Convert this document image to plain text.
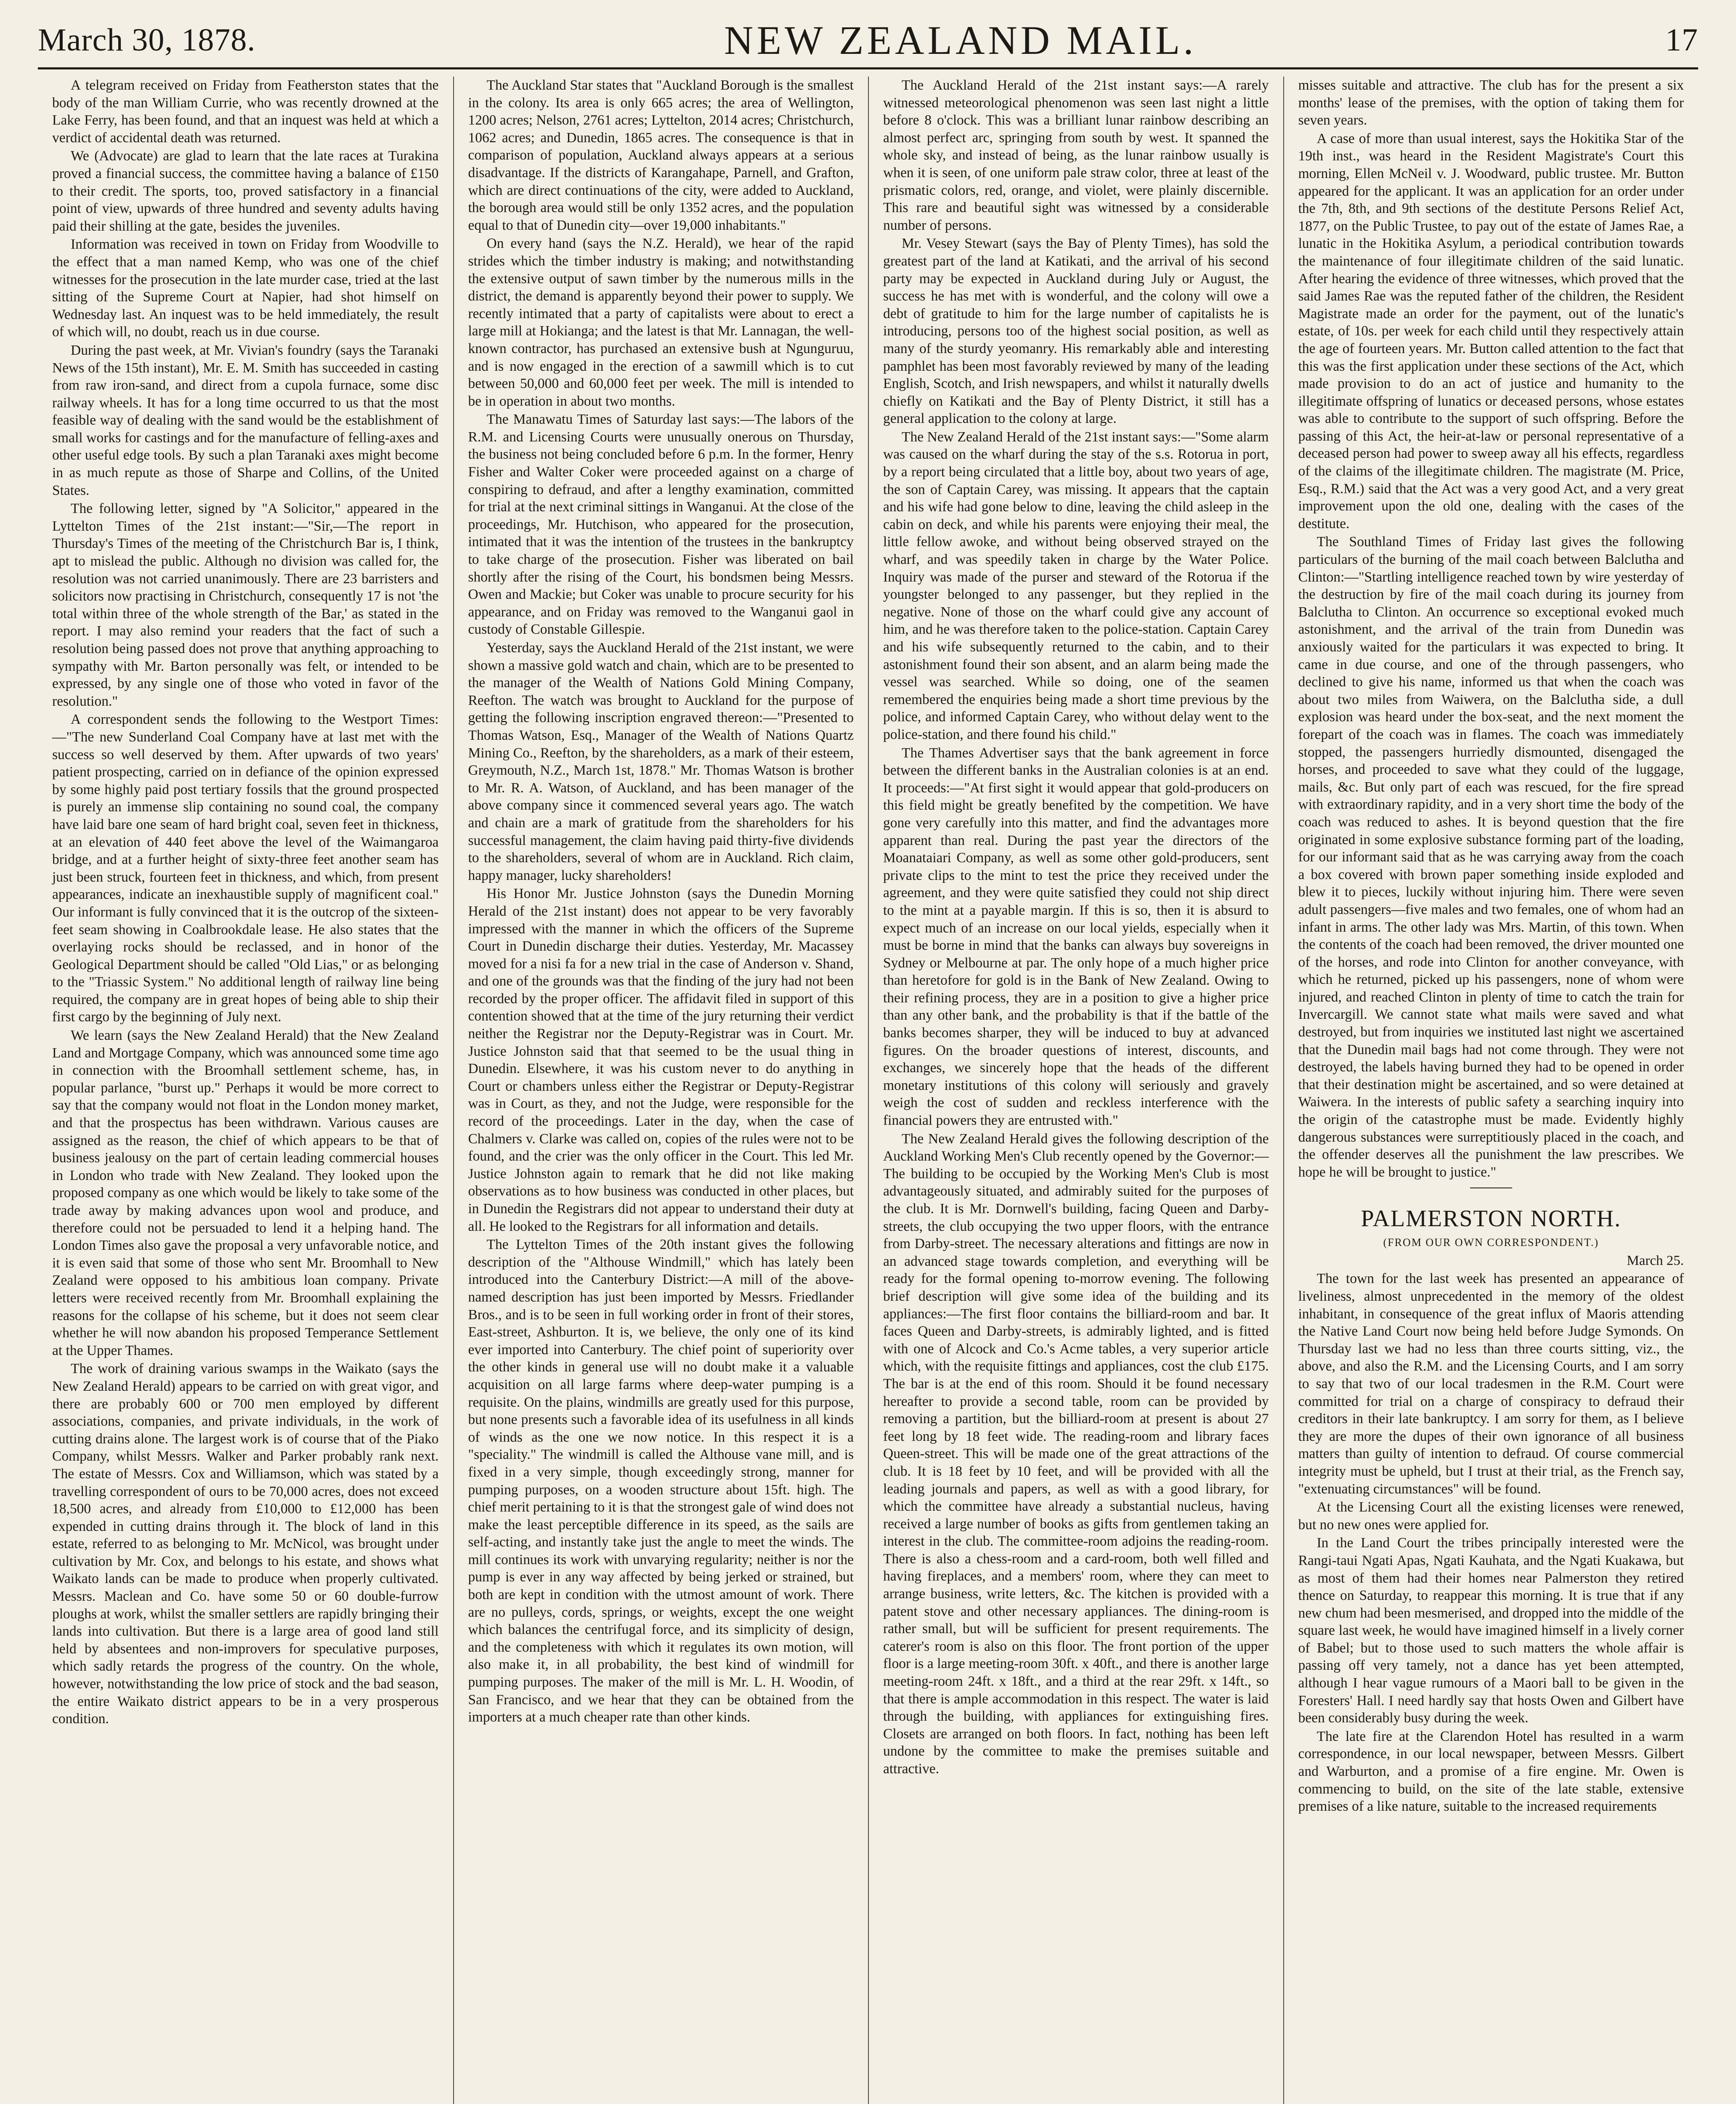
March 30, 1878.	NEW ZEALAND MAIL.	17

A telegram received on Friday from Featherston states that the body of the man William Currie, who was recently drowned at the Lake Ferry, has been found, and that an inquest was held at which a verdict of accidental death was returned.

We (Advocate) are glad to learn that the late races at Turakina proved a financial success, the committee having a balance of £150 to their credit. The sports, too, proved satisfactory in a financial point of view, upwards of three hundred and seventy adults having paid their shilling at the gate, besides the juveniles.

Information was received in town on Friday from Woodville to the effect that a man named Kemp, who was one of the chief witnesses for the prosecution in the late murder case, tried at the last sitting of the Supreme Court at Napier, had shot himself on Wednesday last. An inquest was to be held immediately, the result of which will, no doubt, reach us in due course.

During the past week, at Mr. Vivian's foundry (says the Taranaki News of the 15th instant), Mr. E. M. Smith has succeeded in casting from raw iron-sand, and direct from a cupola furnace, some disc railway wheels. It has for a long time occurred to us that the most feasible way of dealing with the sand would be the establishment of small works for castings and for the manufacture of felling-axes and other useful edge tools. By such a plan Taranaki axes might become in as much repute as those of Sharpe and Collins, of the United States.

The following letter, signed by "A Solicitor," appeared in the Lyttelton Times of the 21st instant:—"Sir,—The report in Thursday's Times of the meeting of the Christchurch Bar is, I think, apt to mislead the public. Although no division was called for, the resolution was not carried unanimously. There are 23 barristers and solicitors now practising in Christchurch, consequently 17 is not 'the total within three of the whole strength of the Bar,' as stated in the report. I may also remind your readers that the fact of such a resolution being passed does not prove that anything approaching to sympathy with Mr. Barton personally was felt, or intended to be expressed, by any single one of those who voted in favor of the resolution."

A correspondent sends the following to the Westport Times:—"The new Sunderland Coal Company have at last met with the success so well deserved by them. After upwards of two years' patient prospecting, carried on in defiance of the opinion expressed by some highly paid post tertiary fossils that the ground prospected is purely an immense slip containing no sound coal, the company have laid bare one seam of hard bright coal, seven feet in thickness, at an elevation of 440 feet above the level of the Waimangaroa bridge, and at a further height of sixty-three feet another seam has just been struck, fourteen feet in thickness, and which, from present appearances, indicate an inexhaustible supply of magnificent coal." Our informant is fully convinced that it is the outcrop of the sixteen-feet seam showing in Coalbrookdale lease. He also states that the overlaying rocks should be reclassed, and in honor of the Geological Department should be called "Old Lias," or as belonging to the "Triassic System." No additional length of railway line being required, the company are in great hopes of being able to ship their first cargo by the beginning of July next.

We learn (says the New Zealand Herald) that the New Zealand Land and Mortgage Company, which was announced some time ago in connection with the Broomhall settlement scheme, has, in popular parlance, "burst up." Perhaps it would be more correct to say that the company would not float in the London money market, and that the prospectus has been withdrawn. Various causes are assigned as the reason, the chief of which appears to be that of business jealousy on the part of certain leading commercial houses in London who trade with New Zealand. They looked upon the proposed company as one which would be likely to take some of the trade away by making advances upon wool and produce, and therefore could not be persuaded to lend it a helping hand. The London Times also gave the proposal a very unfavorable notice, and it is even said that some of those who sent Mr. Broomhall to New Zealand were opposed to his ambitious loan company. Private letters were received recently from Mr. Broomhall explaining the reasons for the collapse of his scheme, but it does not seem clear whether he will now abandon his proposed Temperance Settlement at the Upper Thames.

The work of draining various swamps in the Waikato (says the New Zealand Herald) appears to be carried on with great vigor, and there are probably 600 or 700 men employed by different associations, companies, and private individuals, in the work of cutting drains alone. The largest work is of course that of the Piako Company, whilst Messrs. Walker and Parker probably rank next. The estate of Messrs. Cox and Williamson, which was stated by a travelling correspondent of ours to be 70,000 acres, does not exceed 18,500 acres, and already from £10,000 to £12,000 has been expended in cutting drains through it. The block of land in this estate, referred to as belonging to Mr. McNicol, was brought under cultivation by Mr. Cox, and belongs to his estate, and shows what Waikato lands can be made to produce when properly cultivated. Messrs. Maclean and Co. have some 50 or 60 double-furrow ploughs at work, whilst the smaller settlers are rapidly bringing their lands into cultivation. But there is a large area of good land still held by absentees and non-improvers for speculative purposes, which sadly retards the progress of the country. On the whole, however, notwithstanding the low price of stock and the bad season, the entire Waikato district appears to be in a very prosperous condition.

The Auckland Star states that "Auckland Borough is the smallest in the colony. Its area is only 665 acres; the area of Wellington, 1200 acres; Nelson, 2761 acres; Lyttelton, 2014 acres; Christchurch, 1062 acres; and Dunedin, 1865 acres. The consequence is that in comparison of population, Auckland always appears at a serious disadvantage. If the districts of Karangahape, Parnell, and Grafton, which are direct continuations of the city, were added to Auckland, the borough area would still be only 1352 acres, and the population equal to that of Dunedin city—over 19,000 inhabitants."

On every hand (says the N.Z. Herald), we hear of the rapid strides which the timber industry is making; and notwithstanding the extensive output of sawn timber by the numerous mills in the district, the demand is apparently beyond their power to supply. We recently intimated that a party of capitalists were about to erect a large mill at Hokianga; and the latest is that Mr. Lannagan, the well-known contractor, has purchased an extensive bush at Ngunguruu, and is now engaged in the erection of a sawmill which is to cut between 50,000 and 60,000 feet per week. The mill is intended to be in operation in about two months.

The Manawatu Times of Saturday last says:—The labors of the R.M. and Licensing Courts were unusually onerous on Thursday, the business not being concluded before 6 p.m. In the former, Henry Fisher and Walter Coker were proceeded against on a charge of conspiring to defraud, and after a lengthy examination, committed for trial at the next criminal sittings in Wanganui. At the close of the proceedings, Mr. Hutchison, who appeared for the prosecution, intimated that it was the intention of the trustees in the bankruptcy to take charge of the prosecution. Fisher was liberated on bail shortly after the rising of the Court, his bondsmen being Messrs. Owen and Mackie; but Coker was unable to procure security for his appearance, and on Friday was removed to the Wanganui gaol in custody of Constable Gillespie.

Yesterday, says the Auckland Herald of the 21st instant, we were shown a massive gold watch and chain, which are to be presented to the manager of the Wealth of Nations Gold Mining Company, Reefton. The watch was brought to Auckland for the purpose of getting the following inscription engraved thereon:—"Presented to Thomas Watson, Esq., Manager of the Wealth of Nations Quartz Mining Co., Reefton, by the shareholders, as a mark of their esteem, Greymouth, N.Z., March 1st, 1878." Mr. Thomas Watson is brother to Mr. R. A. Watson, of Auckland, and has been manager of the above company since it commenced several years ago. The watch and chain are a mark of gratitude from the shareholders for his successful management, the claim having paid thirty-five dividends to the shareholders, several of whom are in Auckland. Rich claim, happy manager, lucky shareholders!

His Honor Mr. Justice Johnston (says the Dunedin Morning Herald of the 21st instant) does not appear to be very favorably impressed with the manner in which the officers of the Supreme Court in Dunedin discharge their duties. Yesterday, Mr. Macassey moved for a nisi fa for a new trial in the case of Anderson v. Shand, and one of the grounds was that the finding of the jury had not been recorded by the proper officer. The affidavit filed in support of this contention showed that at the time of the jury returning their verdict neither the Registrar nor the Deputy-Registrar was in Court. Mr. Justice Johnston said that that seemed to be the usual thing in Dunedin. Elsewhere, it was his custom never to do anything in Court or chambers unless either the Registrar or Deputy-Registrar was in Court, as they, and not the Judge, were responsible for the record of the proceedings. Later in the day, when the case of Chalmers v. Clarke was called on, copies of the rules were not to be found, and the crier was the only officer in the Court. This led Mr. Justice Johnston again to remark that he did not like making observations as to how business was conducted in other places, but in Dunedin the Registrars did not appear to understand their duty at all. He looked to the Registrars for all information and details.

The Lyttelton Times of the 20th instant gives the following description of the "Althouse Windmill," which has lately been introduced into the Canterbury District:—A mill of the above-named description has just been imported by Messrs. Friedlander Bros., and is to be seen in full working order in front of their stores, East-street, Ashburton. It is, we believe, the only one of its kind ever imported into Canterbury. The chief point of superiority over the other kinds in general use will no doubt make it a valuable acquisition on all large farms where deep-water pumping is a requisite. On the plains, windmills are greatly used for this purpose, but none presents such a favorable idea of its usefulness in all kinds of winds as the one we now notice. In this respect it is a "speciality." The windmill is called the Althouse vane mill, and is fixed in a very simple, though exceedingly strong, manner for pumping purposes, on a wooden structure about 15ft. high. The chief merit pertaining to it is that the strongest gale of wind does not make the least perceptible difference in its speed, as the sails are self-acting, and instantly take just the angle to meet the winds. The mill continues its work with unvarying regularity; neither is nor the pump is ever in any way affected by being jerked or strained, but both are kept in condition with the utmost amount of work. There are no pulleys, cords, springs, or weights, except the one weight which balances the centrifugal force, and its simplicity of design, and the completeness with which it regulates its own motion, will also make it, in all probability, the best kind of windmill for pumping purposes. The maker of the mill is Mr. L. H. Woodin, of San Francisco, and we hear that they can be obtained from the importers at a much cheaper rate than other kinds.

The Auckland Herald of the 21st instant says:—A rarely witnessed meteorological phenomenon was seen last night a little before 8 o'clock. This was a brilliant lunar rainbow describing an almost perfect arc, springing from south by west. It spanned the whole sky, and instead of being, as the lunar rainbow usually is when it is seen, of one uniform pale straw color, three at least of the prismatic colors, red, orange, and violet, were plainly discernible. This rare and beautiful sight was witnessed by a considerable number of persons.

Mr. Vesey Stewart (says the Bay of Plenty Times), has sold the greatest part of the land at Katikati, and the arrival of his second party may be expected in Auckland during July or August, the success he has met with is wonderful, and the colony will owe a debt of gratitude to him for the large number of capitalists he is introducing, persons too of the highest social position, as well as many of the sturdy yeomanry. His remarkably able and interesting pamphlet has been most favorably reviewed by many of the leading English, Scotch, and Irish newspapers, and whilst it naturally dwells chiefly on Katikati and the Bay of Plenty District, it still has a general application to the colony at large.

The New Zealand Herald of the 21st instant says:—"Some alarm was caused on the wharf during the stay of the s.s. Rotorua in port, by a report being circulated that a little boy, about two years of age, the son of Captain Carey, was missing. It appears that the captain and his wife had gone below to dine, leaving the child asleep in the cabin on deck, and while his parents were enjoying their meal, the little fellow awoke, and without being observed strayed on the wharf, and was speedily taken in charge by the Water Police. Inquiry was made of the purser and steward of the Rotorua if the youngster belonged to any passenger, but they replied in the negative. None of those on the wharf could give any account of him, and he was therefore taken to the police-station. Captain Carey and his wife subsequently returned to the cabin, and to their astonishment found their son absent, and an alarm being made the vessel was searched. While so doing, one of the seamen remembered the enquiries being made a short time previous by the police, and informed Captain Carey, who without delay went to the police-station, and there found his child."

The Thames Advertiser says that the bank agreement in force between the different banks in the Australian colonies is at an end. It proceeds:—"At first sight it would appear that gold-producers on this field might be greatly benefited by the competition. We have gone very carefully into this matter, and find the advantages more apparent than real. During the past year the directors of the Moanataiari Company, as well as some other gold-producers, sent private clips to the mint to test the price they received under the agreement, and they were quite satisfied they could not ship direct to the mint at a payable margin. If this is so, then it is absurd to expect much of an increase on our local yields, especially when it must be borne in mind that the banks can always buy sovereigns in Sydney or Melbourne at par. The only hope of a much higher price than heretofore for gold is in the Bank of New Zealand. Owing to their refining process, they are in a position to give a higher price than any other bank, and the probability is that if the battle of the banks becomes sharper, they will be induced to buy at advanced figures. On the broader questions of interest, discounts, and exchanges, we sincerely hope that the heads of the different monetary institutions of this colony will seriously and gravely weigh the cost of sudden and reckless interference with the financial powers they are entrusted with."

The New Zealand Herald gives the following description of the Auckland Working Men's Club recently opened by the Governor:—The building to be occupied by the Working Men's Club is most advantageously situated, and admirably suited for the purposes of the club. It is Mr. Dornwell's building, facing Queen and Darby-streets, the club occupying the two upper floors, with the entrance from Darby-street. The necessary alterations and fittings are now in an advanced stage towards completion, and everything will be ready for the formal opening to-morrow evening. The following brief description will give some idea of the building and its appliances:—The first floor contains the billiard-room and bar. It faces Queen and Darby-streets, is admirably lighted, and is fitted with one of Alcock and Co.'s Acme tables, a very superior article which, with the requisite fittings and appliances, cost the club £175. The bar is at the end of this room. Should it be found necessary hereafter to provide a second table, room can be provided by removing a partition, but the billiard-room at present is about 27 feet long by 18 feet wide. The reading-room and library faces Queen-street. This will be made one of the great attractions of the club. It is 18 feet by 10 feet, and will be provided with all the leading journals and papers, as well as with a good library, for which the committee have already a substantial nucleus, having received a large number of books as gifts from gentlemen taking an interest in the club. The committee-room adjoins the reading-room. There is also a chess-room and a card-room, both well filled and having fireplaces, and a members' room, where they can meet to arrange business, write letters, &c. The kitchen is provided with a patent stove and other necessary appliances. The dining-room is rather small, but will be sufficient for present requirements. The caterer's room is also on this floor. The front portion of the upper floor is a large meeting-room 30ft. x 40ft., and there is another large meeting-room 24ft. x 18ft., and a third at the rear 29ft. x 14ft., so that there is ample accommodation in this respect. The water is laid through the building, with appliances for extinguishing fires. Closets are arranged on both floors. In fact, nothing has been left undone by the committee to make the premises suitable and attractive.

misses suitable and attractive. The club has for the present a six months' lease of the premises, with the option of taking them for seven years.

A case of more than usual interest, says the Hokitika Star of the 19th inst., was heard in the Resident Magistrate's Court this morning, Ellen McNeil v. J. Woodward, public trustee. Mr. Button appeared for the applicant. It was an application for an order under the 7th, 8th, and 9th sections of the destitute Persons Relief Act, 1877, on the Public Trustee, to pay out of the estate of James Rae, a lunatic in the Hokitika Asylum, a periodical contribution towards the maintenance of four illegitimate children of the said lunatic. After hearing the evidence of three witnesses, which proved that the said James Rae was the reputed father of the children, the Resident Magistrate made an order for the payment, out of the lunatic's estate, of 10s. per week for each child until they respectively attain the age of fourteen years. Mr. Button called attention to the fact that this was the first application under these sections of the Act, which made provision to do an act of justice and humanity to the illegitimate offspring of lunatics or deceased persons, whose estates was able to contribute to the support of such offspring. Before the passing of this Act, the heir-at-law or personal representative of a deceased person had power to sweep away all his effects, regardless of the claims of the illegitimate children. The magistrate (M. Price, Esq., R.M.) said that the Act was a very good Act, and a very great improvement upon the old one, dealing with the cases of the destitute.

The Southland Times of Friday last gives the following particulars of the burning of the mail coach between Balclutha and Clinton:—"Startling intelligence reached town by wire yesterday of the destruction by fire of the mail coach during its journey from Balclutha to Clinton. An occurrence so exceptional evoked much astonishment, and the arrival of the train from Dunedin was anxiously waited for the particulars it was expected to bring. It came in due course, and one of the through passengers, who declined to give his name, informed us that when the coach was about two miles from Waiwera, on the Balclutha side, a dull explosion was heard under the box-seat, and the next moment the forepart of the coach was in flames. The coach was immediately stopped, the passengers hurriedly dismounted, disengaged the horses, and proceeded to save what they could of the luggage, mails, &c. But only part of each was rescued, for the fire spread with extraordinary rapidity, and in a very short time the body of the coach was reduced to ashes. It is beyond question that the fire originated in some explosive substance forming part of the loading, for our informant said that as he was carrying away from the coach a box covered with brown paper something inside exploded and blew it to pieces, luckily without injuring him. There were seven adult passengers—five males and two females, one of whom had an infant in arms. The other lady was Mrs. Martin, of this town. When the contents of the coach had been removed, the driver mounted one of the horses, and rode into Clinton for another conveyance, with which he returned, picked up his passengers, none of whom were injured, and reached Clinton in plenty of time to catch the train for Invercargill. We cannot state what mails were saved and what destroyed, but from inquiries we instituted last night we ascertained that the Dunedin mail bags had not come through. They were not destroyed, the labels having burned they had to be opened in order that their destination might be ascertained, and so were detained at Waiwera. In the interests of public safety a searching inquiry into the origin of the catastrophe must be made. Evidently highly dangerous substances were surreptitiously placed in the coach, and the offender deserves all the punishment the law prescribes. We hope he will be brought to justice."

PALMERSTON NORTH.
(FROM OUR OWN CORRESPONDENT.)
March 25.

The town for the last week has presented an appearance of liveliness, almost unprecedented in the memory of the oldest inhabitant, in consequence of the great influx of Maoris attending the Native Land Court now being held before Judge Symonds. On Thursday last we had no less than three courts sitting, viz., the above, and also the R.M. and the Licensing Courts, and I am sorry to say that two of our local tradesmen in the R.M. Court were committed for trial on a charge of conspiracy to defraud their creditors in their late bankruptcy. I am sorry for them, as I believe they are more the dupes of their own ignorance of all business matters than guilty of intention to defraud. Of course commercial integrity must be upheld, but I trust at their trial, as the French say, "extenuating circumstances" will be found.

At the Licensing Court all the existing licenses were renewed, but no new ones were applied for.

In the Land Court the tribes principally interested were the Rangi-taui Ngati Apas, Ngati Kauhata, and the Ngati Kuakawa, but as most of them had their homes near Palmerston they retired thence on Saturday, to reappear this morning. It is true that if any new chum had been mesmerised, and dropped into the middle of the square last week, he would have imagined himself in a lively corner of Babel; but to those used to such matters the whole affair is passing off very tamely, not a dance has yet been attempted, although I hear vague rumours of a Maori ball to be given in the Foresters' Hall. I need hardly say that hosts Owen and Gilbert have been considerably busy during the week.

The late fire at the Clarendon Hotel has resulted in a warm correspondence, in our local newspaper, between Messrs. Gilbert and Warburton, and a promise of a fire engine. Mr. Owen is commencing to build, on the site of the late stable, extensive premises of a like nature, suitable to the increased requirements
